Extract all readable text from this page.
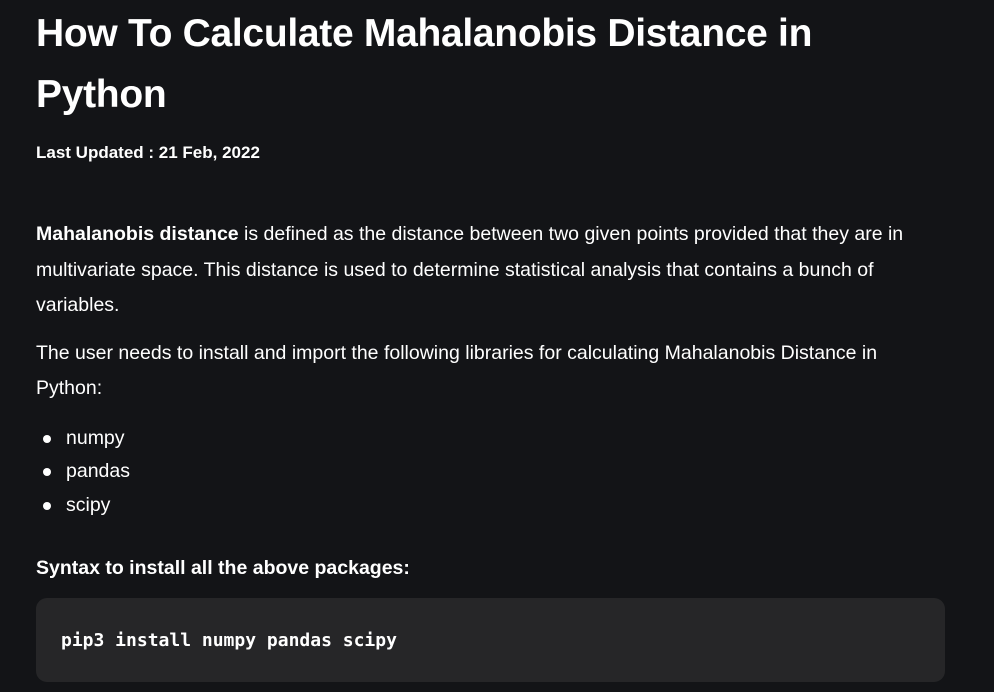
How To Calculate Mahalanobis Distance in Python

Last Updated : 21 Feb, 2022

Mahalanobis distance is defined as the distance between two given points provided that they are in multivariate space. This distance is used to determine statistical analysis that contains a bunch of variables.

The user needs to install and import the following libraries for calculating Mahalanobis Distance in Python:

numpy
pandas
scipy
Syntax to install all the above packages:
pip3 install numpy pandas scipy
